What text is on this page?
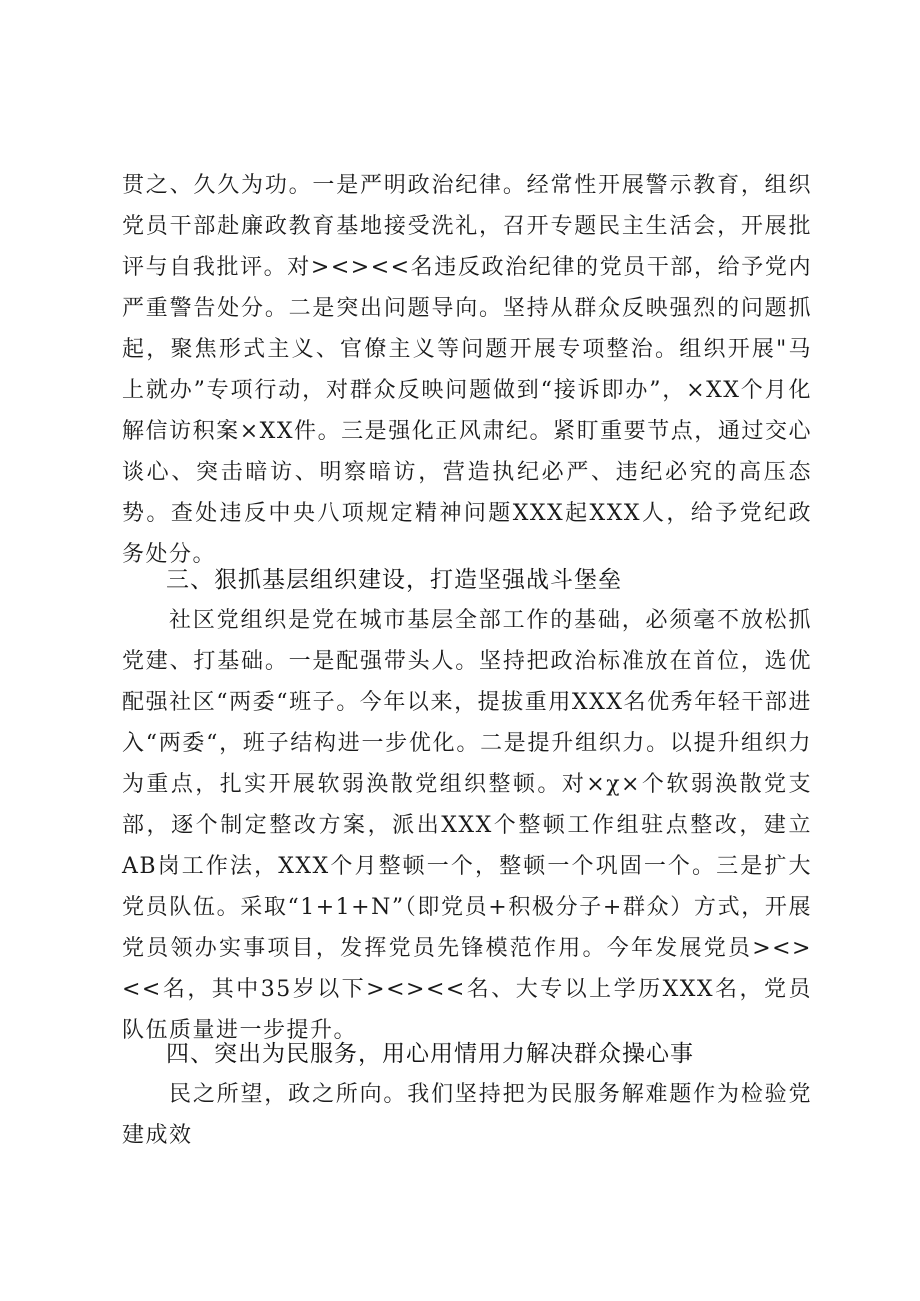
贯之、久久为功。一是严明政治纪律。经常性开展警示教育，组织党员干部赴廉政教育基地接受洗礼，召开专题民主生活会，开展批评与自我批评。对><><<名违反政治纪律的党员干部，给予党内严重警告处分。二是突出问题导向。坚持从群众反映强烈的问题抓起，聚焦形式主义、官僚主义等问题开展专项整治。组织开展"马上就办”专项行动，对群众反映问题做到“接诉即办”，×XX个月化解信访积案×XX件。三是强化正风肃纪。紧盯重要节点，通过交心谈心、突击暗访、明察暗访，营造执纪必严、违纪必究的高压态势。查处违反中央八项规定精神问题XXX起XXX人，给予党纪政务处分。

三、狠抓基层组织建设，打造坚强战斗堡垒

社区党组织是党在城市基层全部工作的基础，必须毫不放松抓党建、打基础。一是配强带头人。坚持把政治标准放在首位，选优配强社区“两委“班子。今年以来，提拔重用XXX名优秀年轻干部进入“两委“，班子结构进一步优化。二是提升组织力。以提升组织力为重点，扎实开展软弱涣散党组织整顿。对×χ×个软弱涣散党支部，逐个制定整改方案，派出XXX个整顿工作组驻点整改，建立AB岗工作法，XXX个月整顿一个，整顿一个巩固一个。三是扩大党员队伍。采取“1+1+N”（即党员+积极分子+群众）方式，开展党员领办实事项目，发挥党员先锋模范作用。今年发展党员><><<名，其中35岁以下><><<名、大专以上学历XXX名，党员队伍质量进一步提升。

四、突出为民服务，用心用情用力解决群众操心事

民之所望，政之所向。我们坚持把为民服务解难题作为检验党建成效
